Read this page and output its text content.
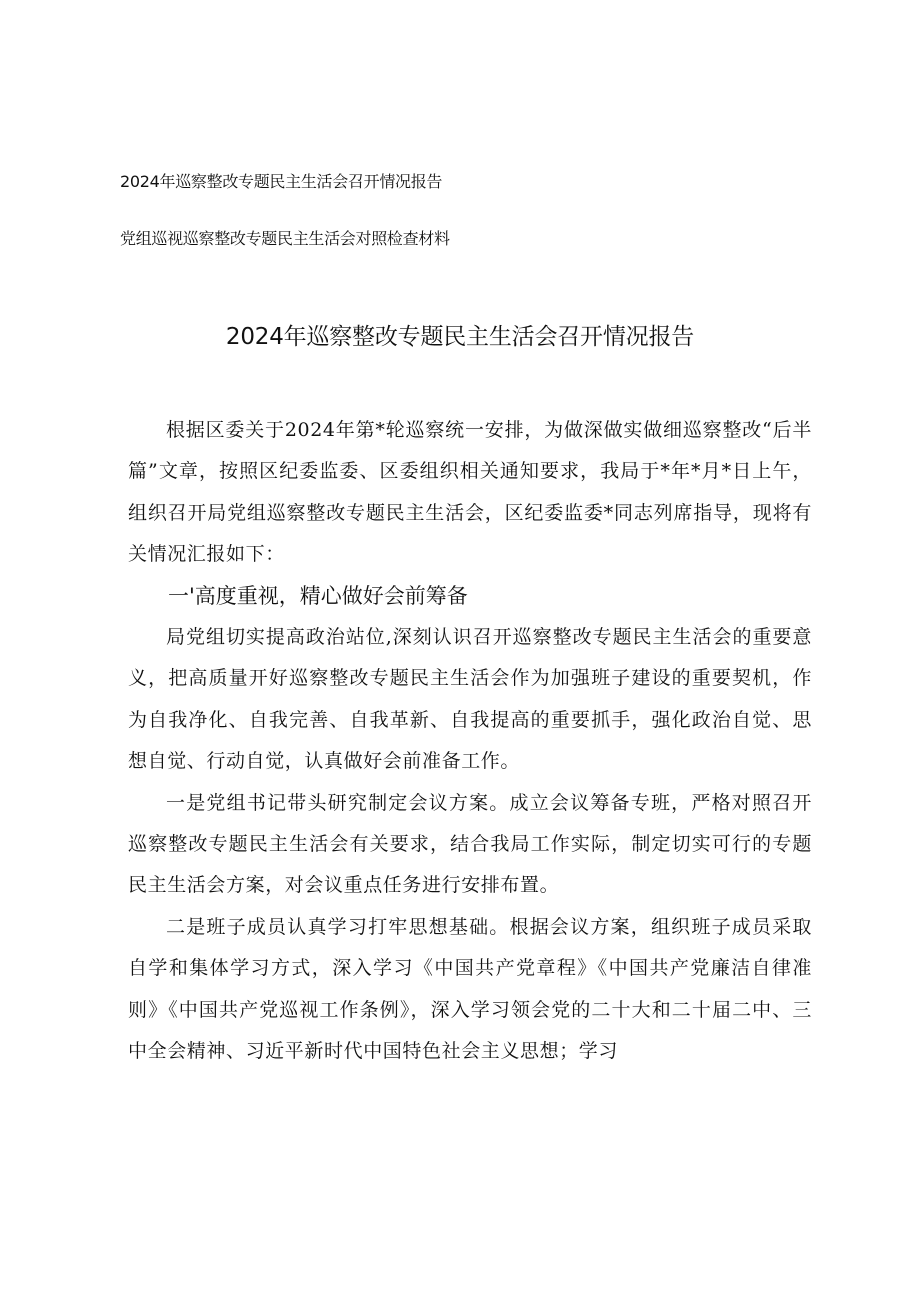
2024年巡察整改专题民主生活会召开情况报告
党组巡视巡察整改专题民主生活会对照检查材料
2024年巡察整改专题民主生活会召开情况报告

根据区委关于2024年第*轮巡察统一安排，为做深做实做细巡察整改“后半篇”文章，按照区纪委监委、区委组织相关通知要求，我局于*年*月*日上午，组织召开局党组巡察整改专题民主生活会，区纪委监委*同志列席指导，现将有关情况汇报如下：

一'高度重视，精心做好会前筹备

局党组切实提高政治站位,深刻认识召开巡察整改专题民主生活会的重要意义，把高质量开好巡察整改专题民主生活会作为加强班子建设的重要契机，作为自我净化、自我完善、自我革新、自我提高的重要抓手，强化政治自觉、思想自觉、行动自觉，认真做好会前准备工作。

一是党组书记带头研究制定会议方案。成立会议筹备专班，严格对照召开巡察整改专题民主生活会有关要求，结合我局工作实际，制定切实可行的专题民主生活会方案，对会议重点任务进行安排布置。

二是班子成员认真学习打牢思想基础。根据会议方案，组织班子成员采取自学和集体学习方式，深入学习《中国共产党章程》《中国共产党廉洁自律准则》《中国共产党巡视工作条例》，深入学习领会党的二十大和二十届二中、三中全会精神、习近平新时代中国特色社会主义思想；学习
